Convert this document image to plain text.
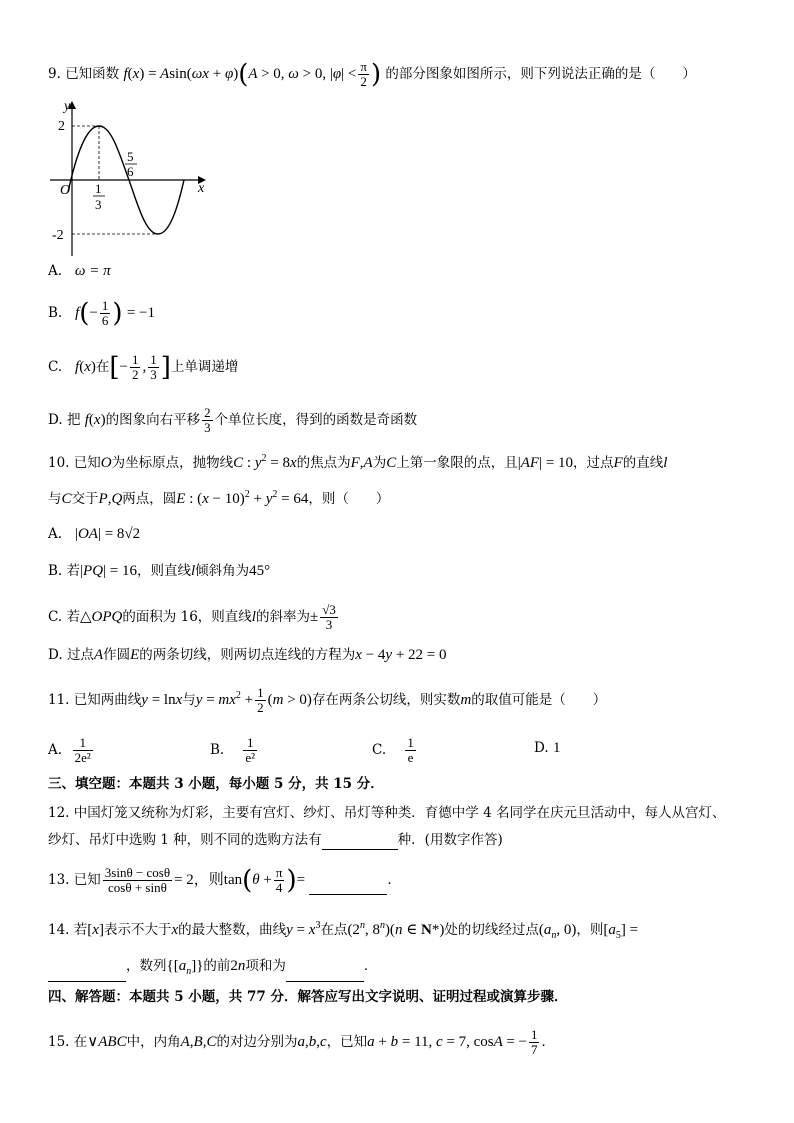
9. 已知函数 f(x) = Asin(ωx + φ)(A > 0, ω > 0, $|\varphi| < \frac{\pi}{2}$ ) 的部分图象如图所示，则下列说法正确的是（　　）
y
x
O
2
-2
1
3
5
6
A. ω = π
B. $f(- \frac{1}{6}$ ) = −1
C. f(x)在[− $\frac{1}{2}$ , $\frac{1}{3}$ ]上单调递增
D. 把 f(x)的图象向右平移 $\frac{2}{3}$ 个单位长度，得到的函数是奇函数
10. 已知O为坐标原点，抛物线C : $y^2 = 8x$的焦点为F,A为C上第一象限的点，且|AF| = 10，过点F的直线l
与C交于P,Q两点，圆E : $(x - 10)^2 + y^2 = 64$，则（　　）
A. |OA| = 8√2
B. 若|PQ| = 16，则直线l倾斜角为45°
C. 若△OPQ的面积为 16，则直线l的斜率为± $\frac{√3}{3}$
D. 过点A作圆E的两条切线，则两切点连线的方程为x − 4y + 22 = 0
11. 已知两曲线y = lnx与$y = mx^2 + \frac{1}{2} (m > 0)$存在两条公切线，则实数m的取值可能是（　　）
A. $\frac{1}{\text{2e²}}$	B. $\frac{1}{\text{e²}}$	C. $\frac{1}{e}$	D. 1
三、填空题：本题共 3 小题，每小题 5 分，共 15 分．
12. 中国灯笼又统称为灯彩，主要有宫灯、纱灯、吊灯等种类．育德中学 4 名同学在庆元旦活动中，每人从宫灯、
纱灯、吊灯中选购 1 种，则不同的选购方法有	种．(用数字作答)
13. 已知 $\frac{3\sin\theta - \cos\theta}{\cos\theta + \sin\theta} = 2$，则$\tan(\theta + \frac{\pi}{4}$ )=	．
14. 若[x]表示不大于x的最大整数，曲线$y = x^3$在点(2$^n$, 8$^n$)(n ∈ N*)处的切线经过点($a_n$, 0)，则$[a_5]$ =
，数列$\{[a_n]\}$的前2n项和为	．
四、解答题：本题共 5 小题，共 77 分．解答应写出文字说明、证明过程或演算步骤．
15. 在∨ABC中，内角A,B,C的对边分别为a,b,c，已知a + b = 11, c = 7, cosA = − $\frac{1}{7}$ ．
